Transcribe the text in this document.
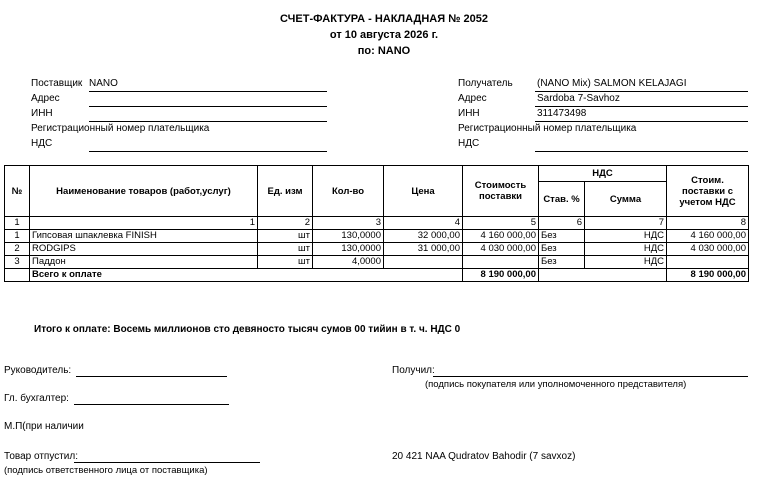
СЧЕТ-ФАКТУРА - НАКЛАДНАЯ № 2052
от 10 августа 2026 г.
по: NANO
Поставщик NANO
Адрес
ИНН
Регистрационный номер плательщика
НДС
Получатель (NANO Mix) SALMON KELAJAGI
Адрес	Sardoba 7-Savhoz
ИНН	311473498
Регистрационный номер плательщика
НДС
№	Наименование товаров (работ,услуг)	Ед. изм	Кол-во	Цена	Стоимость поставки	НДС		Стоим. поставки с учетом НДС
						Став. %	Сумма	
1	1	2	3	4	5	6	7	8
1	Гипсовая шпаклевка FINISH	шт	130,0000	32 000,00	4 160 000,00	Без	НДС	4 160 000,00
2	RODGIPS	шт	130,0000	31 000,00	4 030 000,00	Без	НДС	4 030 000,00
3	Паддон	шт	4,0000			Без	НДС	
	Всего к оплате				8 190 000,00			8 190 000,00
Итого к оплате: Восемь миллионов сто девяносто тысяч сумов 00 тийин в т. ч. НДС 0
Руководитель:
Гл. бухгалтер:
М.П(при наличии
Товар отпустил:
(подпись ответственного лица от поставщика)
Получил:
(подпись покупателя или уполномоченного представителя)
20 421 NAA Qudratov Bahodir (7 savxoz)
